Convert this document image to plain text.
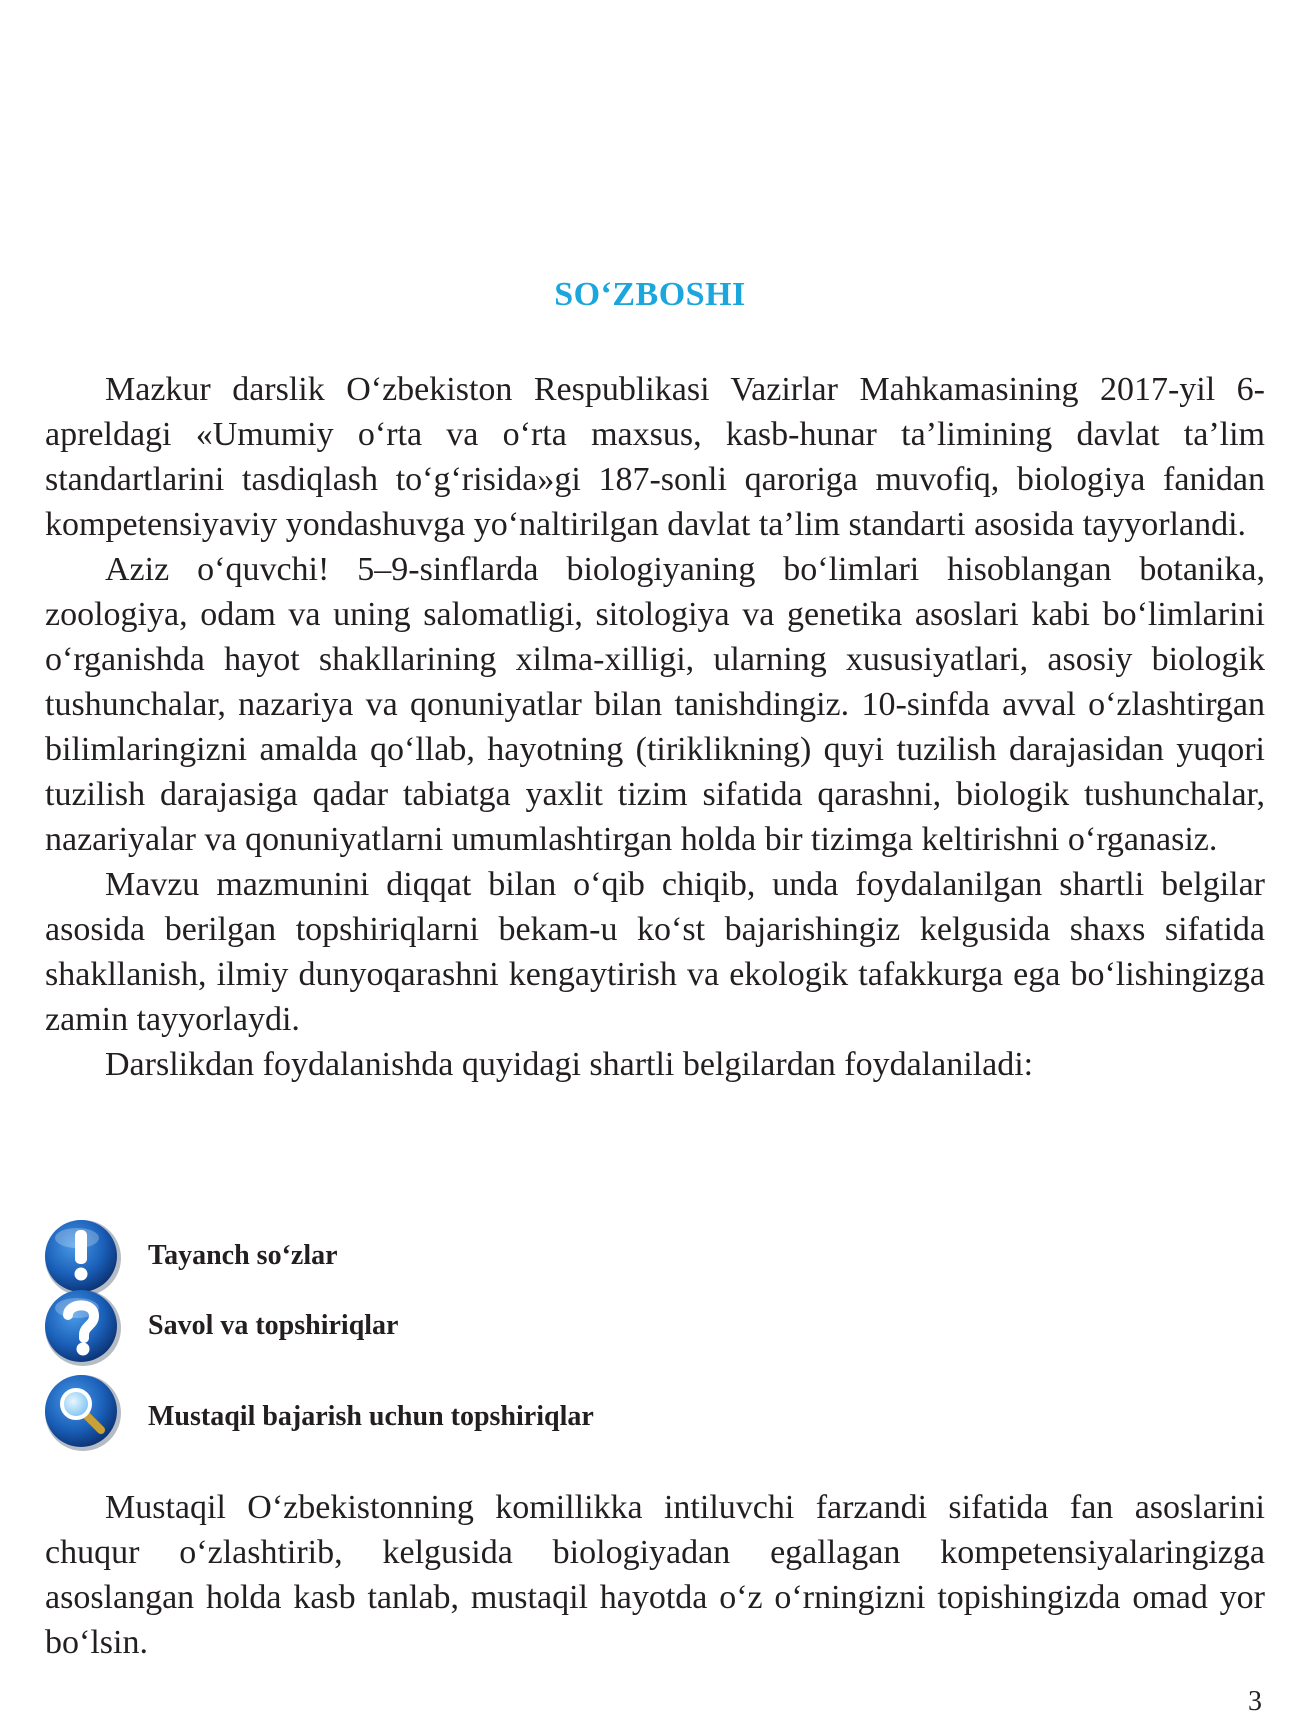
SO‘ZBOSHI

Mazkur darslik O‘zbekiston Respublikasi Vazirlar Mahkamasining 2017-yil 6-apreldagi «Umumiy o‘rta va o‘rta maxsus, kasb-hunar ta’limining davlat ta’lim standartlarini tasdiqlash to‘g‘risida»gi 187-sonli qaroriga muvofiq, biologiya fanidan kompetensiyaviy yondashuvga yo‘naltirilgan davlat ta’lim standarti asosida tayyorlandi.

Aziz o‘quvchi! 5–9-sinflarda biologiyaning bo‘limlari hisoblangan botanika, zoologiya, odam va uning salomatligi, sitologiya va genetika asoslari kabi bo‘limlarini o‘rganishda hayot shakllarining xilma-xilligi, ularning xususiyatlari, asosiy biologik tushunchalar, nazariya va qonuniyatlar bilan tanishdingiz. 10-sinfda avval o‘zlashtirgan bilimlaringizni amalda qo‘llab, hayotning (tiriklikning) quyi tuzilish darajasidan yuqori tuzilish darajasiga qadar tabiatga yaxlit tizim sifatida qarashni, biologik tushunchalar, nazariyalar va qonuniyatlarni umumlashtirgan holda bir tizimga keltirishni o‘rganasiz.

Mavzu mazmunini diqqat bilan o‘qib chiqib, unda foydalanilgan shartli belgilar asosida berilgan topshiriqlarni bekam-u ko‘st bajarishingiz kelgusida shaxs sifatida shakllanish, ilmiy dunyoqarashni kengaytirish va ekologik tafakkurga ega bo‘lishingizga zamin tayyorlaydi.

Darslikdan foydalanishda quyidagi shartli belgilardan foydalaniladi:

Tayanch so‘zlar
Savol va topshiriqlar
Mustaqil bajarish uchun topshiriqlar

Mustaqil O‘zbekistonning komillikka intiluvchi farzandi sifatida fan asoslarini chuqur o‘zlashtirib, kelgusida biologiyadan egallagan kompetensiyalaringizga asoslangan holda kasb tanlab, mustaqil hayotda o‘z o‘rningizni topishingizda omad yor bo‘lsin.

3
